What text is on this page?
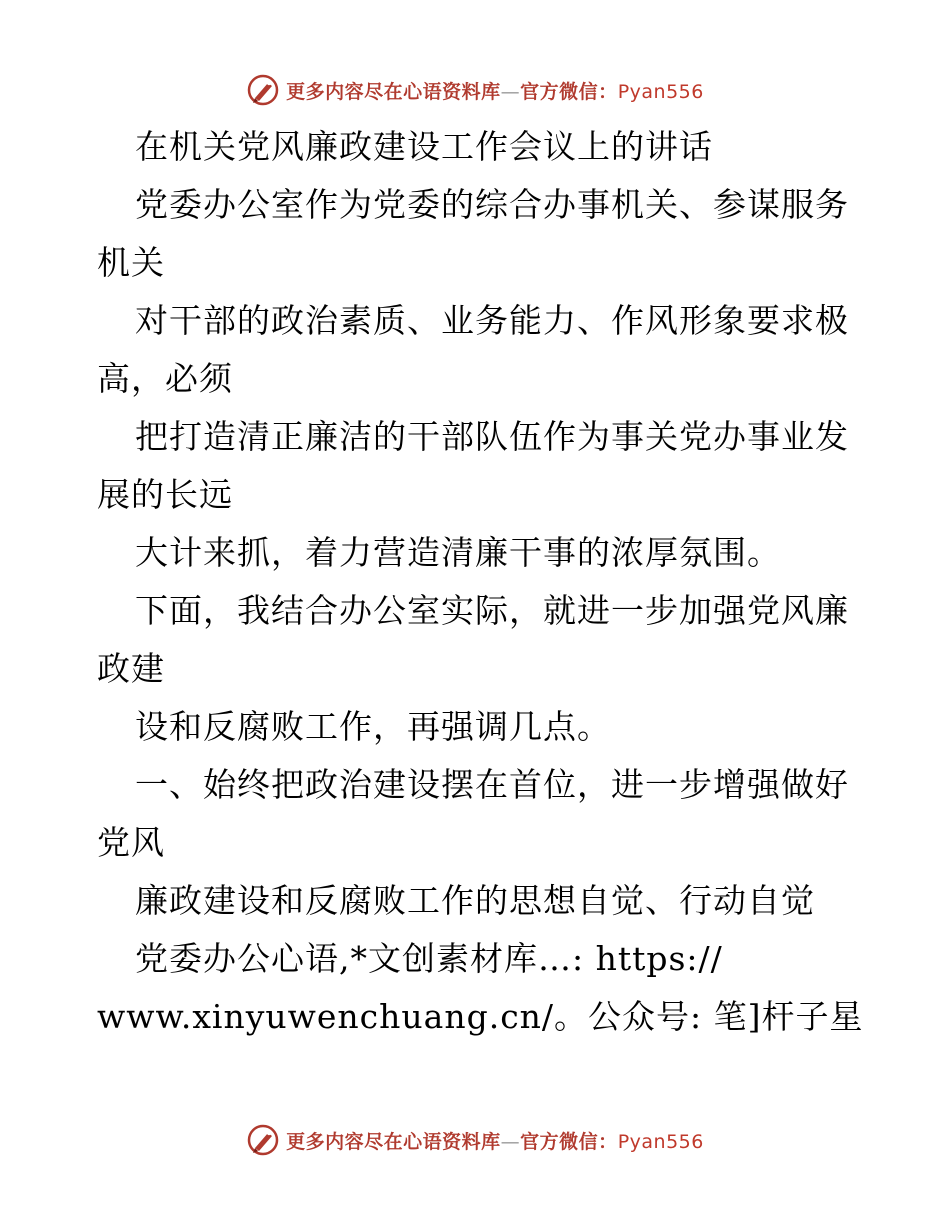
更多内容尽在心语资料库—官方微信：Pyan556
在机关党风廉政建设工作会议上的讲话
党委办公室作为党委的综合办事机关、参谋服务
机关
对干部的政治素质、业务能力、作风形象要求极
高，必须
把打造清正廉洁的干部队伍作为事关党办事业发
展的长远
大计来抓，着力营造清廉干事的浓厚氛围。
下面，我结合办公室实际，就进一步加强党风廉
政建
设和反腐败工作，再强调几点。
一、始终把政治建设摆在首位，进一步增强做好
党风
廉政建设和反腐败工作的思想自觉、行动自觉
党委办公心语,*文创素材库…: https://
www.xinyuwenchuang.cn/。公众号: 笔]杆子星
更多内容尽在心语资料库—官方微信：Pyan556
